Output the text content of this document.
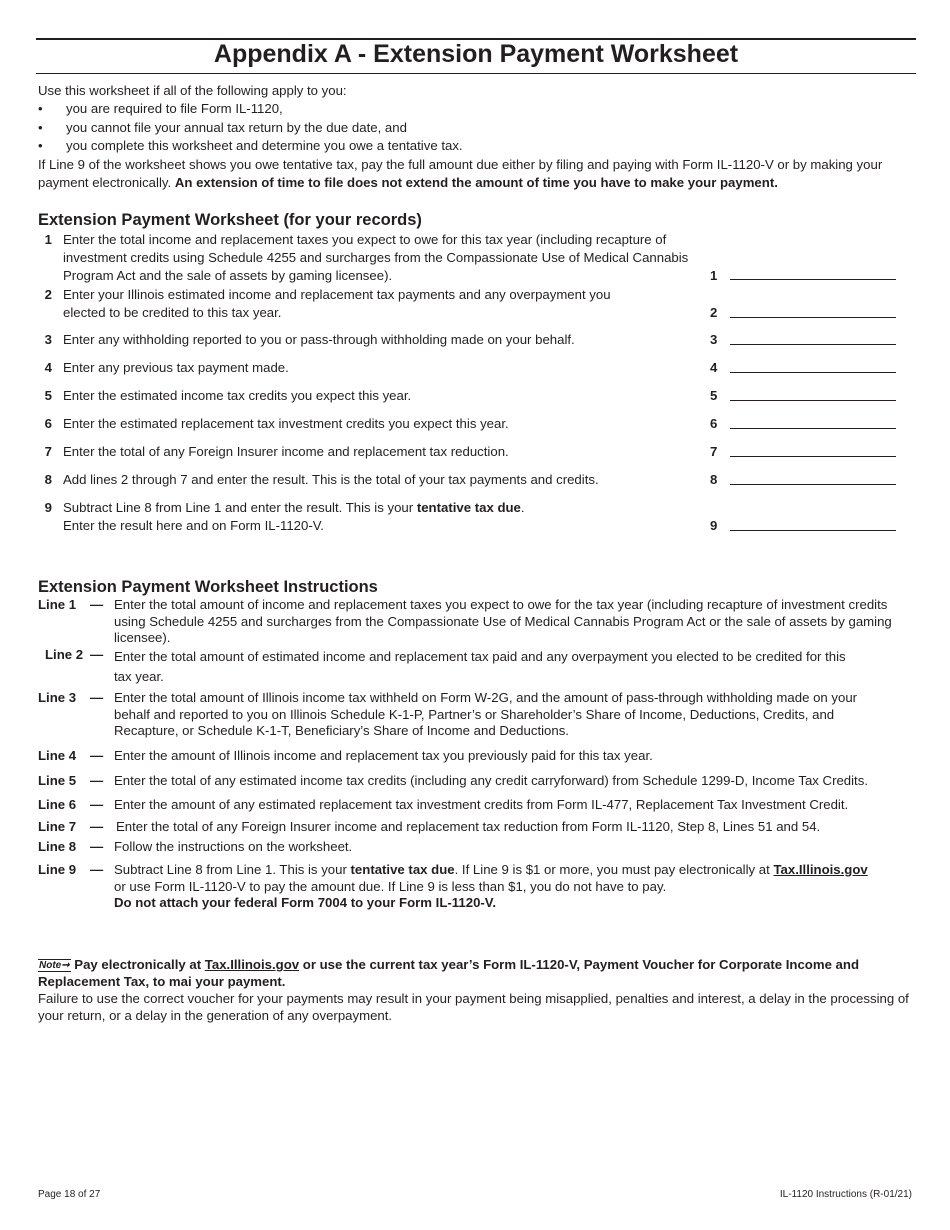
Appendix A - Extension Payment Worksheet
Use this worksheet if all of the following apply to you:
• you are required to file Form IL-1120,
• you cannot file your annual tax return by the due date, and
• you complete this worksheet and determine you owe a tentative tax.
If Line 9 of the worksheet shows you owe tentative tax, pay the full amount due either by filing and paying with Form IL-1120-V or by making your payment electronically. An extension of time to file does not extend the amount of time you have to make your payment.
Extension Payment Worksheet (for your records)
1 Enter the total income and replacement taxes you expect to owe for this tax year (including recapture of investment credits using Schedule 4255 and surcharges from the Compassionate Use of Medical Cannabis Program Act and the sale of assets by gaming licensee).	1
2 Enter your Illinois estimated income and replacement tax payments and any overpayment you elected to be credited to this tax year.	2
3 Enter any withholding reported to you or pass-through withholding made on your behalf.	3
4 Enter any previous tax payment made.	4
5 Enter the estimated income tax credits you expect this year.	5
6 Enter the estimated replacement tax investment credits you expect this year.	6
7 Enter the total of any Foreign Insurer income and replacement tax reduction.	7
8 Add lines 2 through 7 and enter the result. This is the total of your tax payments and credits.	8
9 Subtract Line 8 from Line 1 and enter the result. This is your tentative tax due.
Enter the result here and on Form IL-1120-V.	9
Extension Payment Worksheet Instructions
Line 1 — Enter the total amount of income and replacement taxes you expect to owe for the tax year (including recapture of investment credits using Schedule 4255 and surcharges from the Compassionate Use of Medical Cannabis Program Act or the sale of assets by gaming licensee).
Line 2 — Enter the total amount of estimated income and replacement tax paid and any overpayment you elected to be credited for this
tax year.
Line 3 — Enter the total amount of Illinois income tax withheld on Form W-2G, and the amount of pass-through withholding made on your behalf and reported to you on Illinois Schedule K-1-P, Partner’s or Shareholder’s Share of Income, Deductions, Credits, and Recapture, or Schedule K-1-T, Beneficiary’s Share of Income and Deductions.
Line 4 — Enter the amount of Illinois income and replacement tax you previously paid for this tax year.
Line 5 — Enter the total of any estimated income tax credits (including any credit carryforward) from Schedule 1299-D, Income Tax Credits.
Line 6 — Enter the amount of any estimated replacement tax investment credits from Form IL-477, Replacement Tax Investment Credit.
Line 7 — Enter the total of any Foreign Insurer income and replacement tax reduction from Form IL-1120, Step 8, Lines 51 and 54.
Line 8 — Follow the instructions on the worksheet.
Line 9 — Subtract Line 8 from Line 1. This is your tentative tax due. If Line 9 is $1 or more, you must pay electronically at Tax.Illinois.gov
or use Form IL-1120-V to pay the amount due. If Line 9 is less than $1, you do not have to pay.
Do not attach your federal Form 7004 to your Form IL-1120-V.
Note➞ Pay electronically at Tax.Illinois.gov or use the current tax year’s Form IL-1120-V, Payment Voucher for Corporate Income and Replacement Tax, to mai your payment.
Failure to use the correct voucher for your payments may result in your payment being misapplied, penalties and interest, a delay in the processing of your return, or a delay in the generation of any overpayment.
Page 18 of 27	IL-1120 Instructions (R-01/21)
